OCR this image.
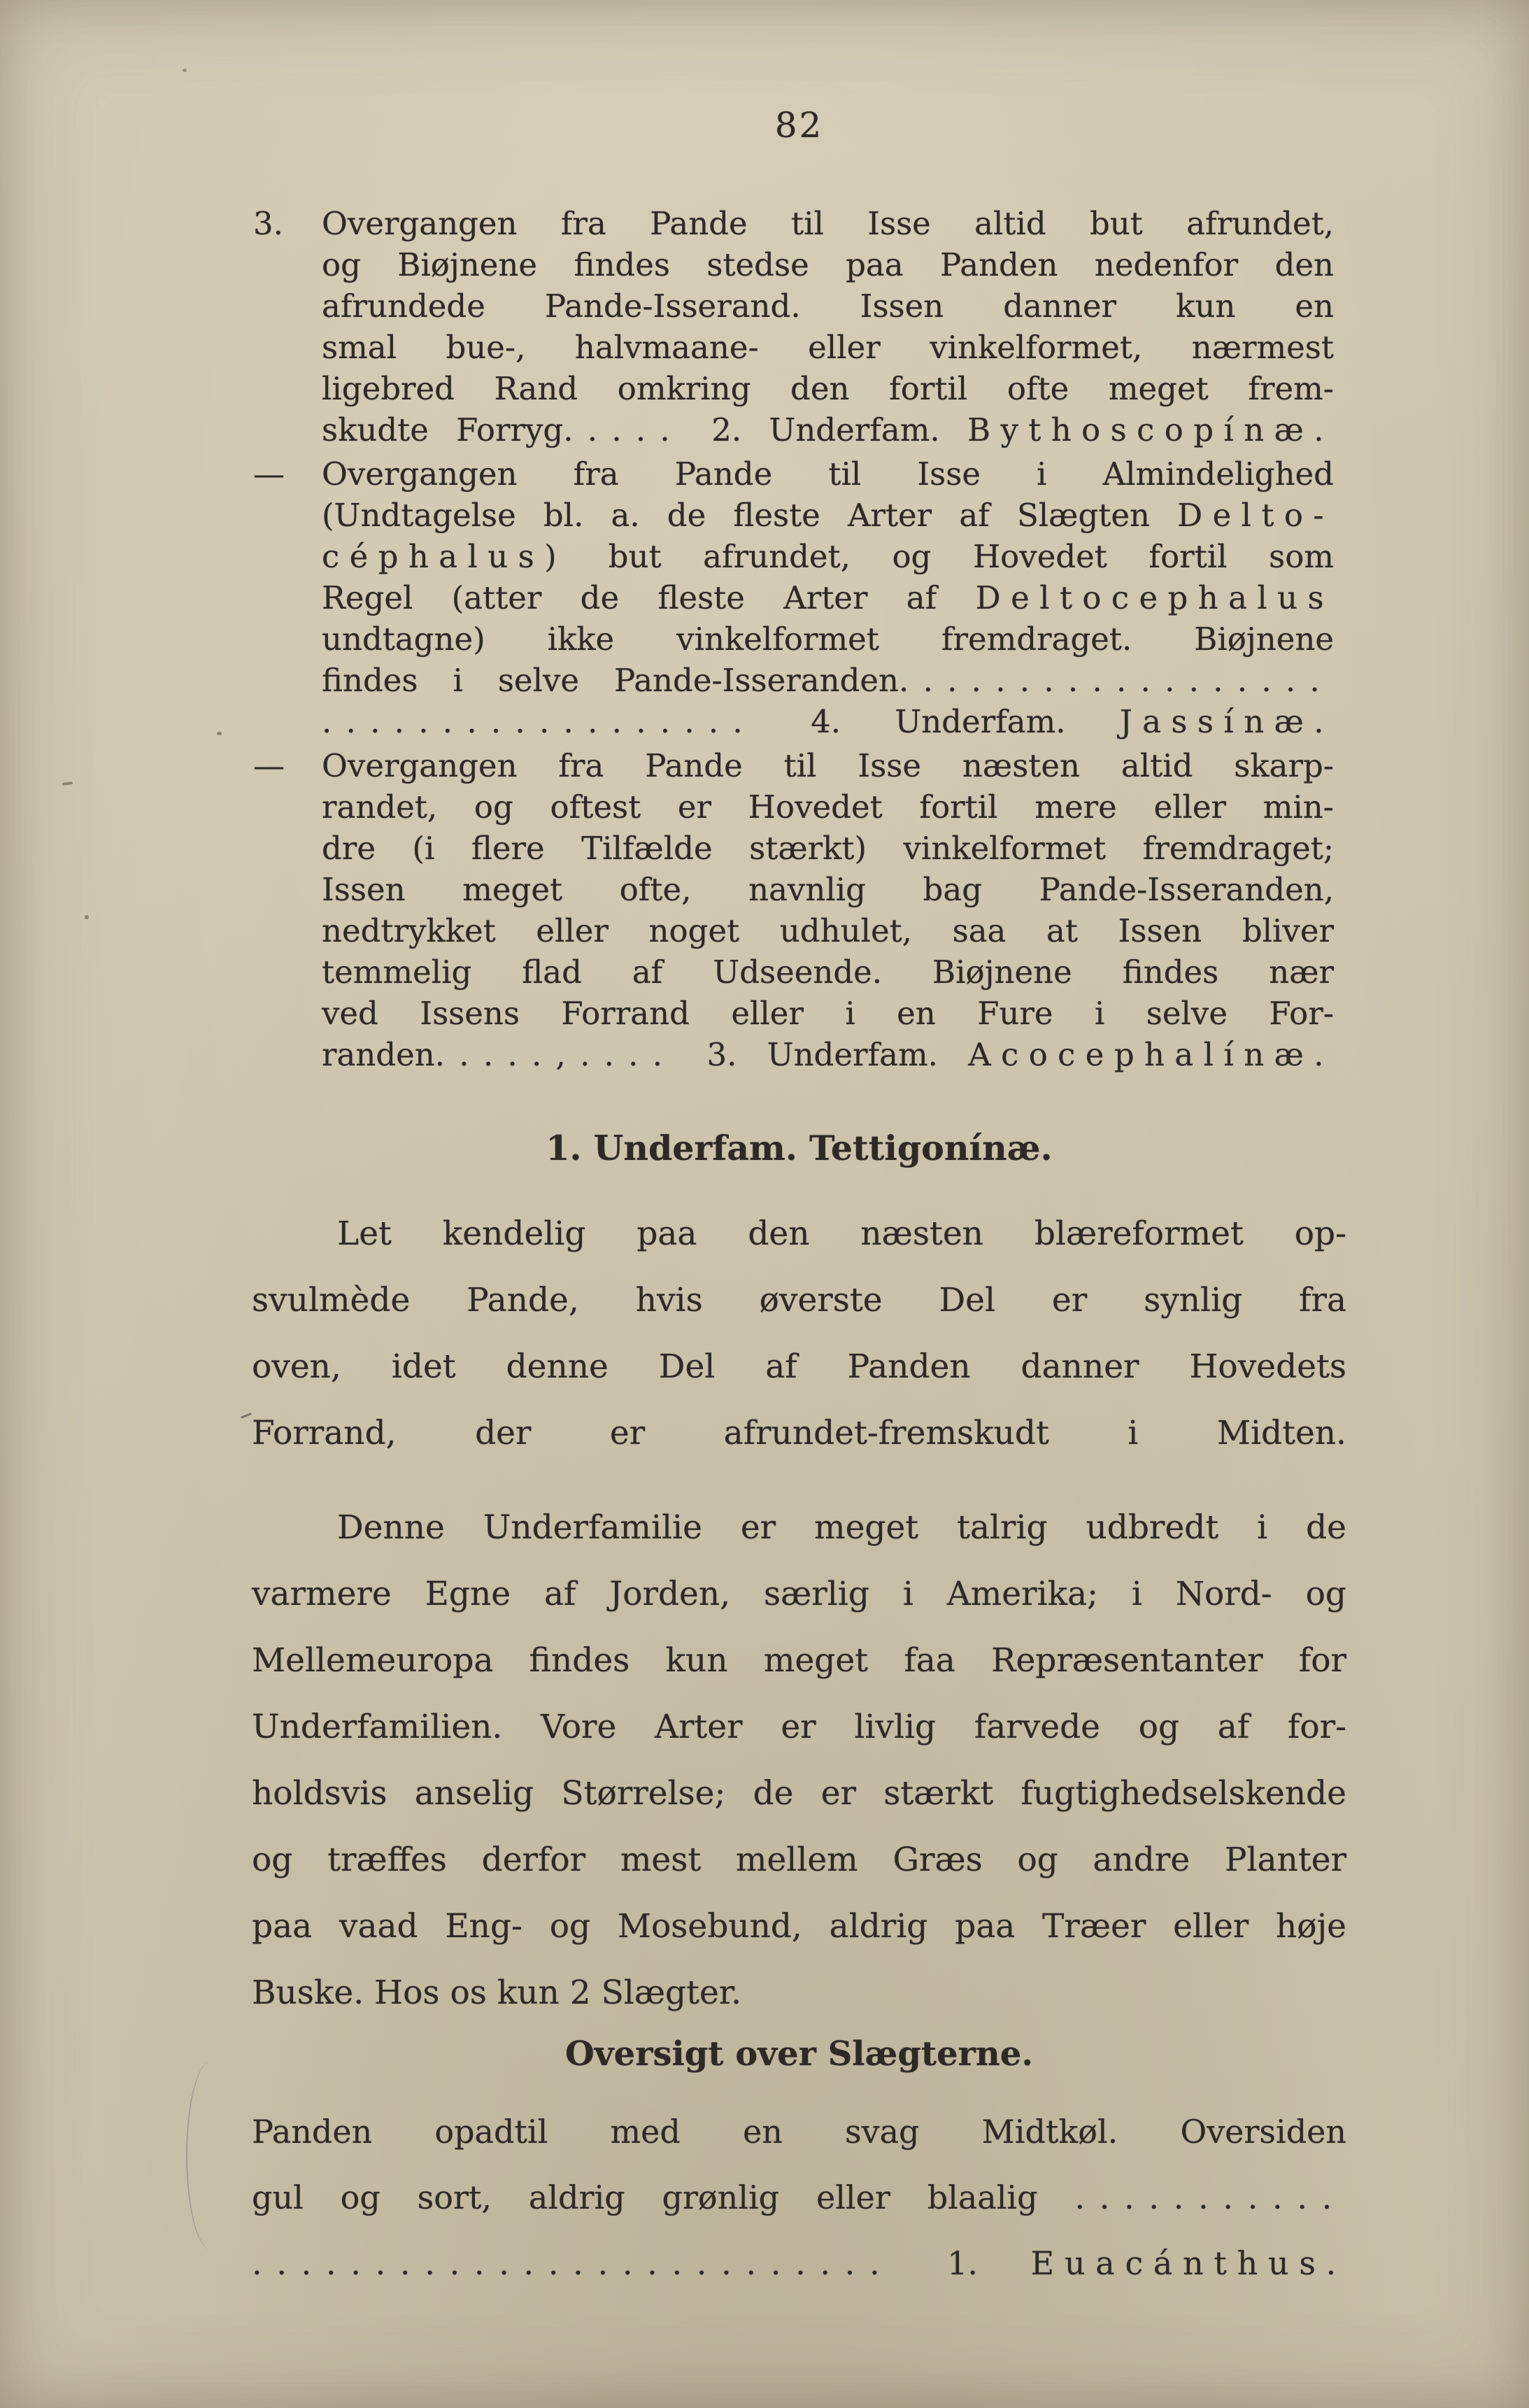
82
3.	Overgangen fra Pande til Isse altid but afrundet,
og Biøjnene findes stedse paa Panden nedenfor den
afrundede Pande-Isserand. Issen danner kun en
smal bue-, halvmaane- eller vinkelformet, nærmest
ligebred Rand omkring den fortil ofte meget frem-
skudte Forryg..... 2. Underfam. Bythoscopínæ.
—	Overgangen fra Pande til Isse i Almindelighed
(Undtagelse bl. a. de fleste Arter af Slægten Delto-
céphalus) but afrundet, og Hovedet fortil som
Regel (atter de fleste Arter af Deltocephalus
undtagne) ikke vinkelformet fremdraget. Biøjnene
findes i selve Pande-Isseranden..................
.................. 4. Underfam. Jassínæ.
—	Overgangen fra Pande til Isse næsten altid skarp-
randet, og oftest er Hovedet fortil mere eller min-
dre (i flere Tilfælde stærkt) vinkelformet fremdraget;
Issen meget ofte, navnlig bag Pande-Isseranden,
nedtrykket eller noget udhulet, saa at Issen bliver
temmelig flad af Udseende. Biøjnene findes nær
ved Issens Forrand eller i en Fure i selve For-
randen.....,.... 3. Underfam. Acocephalínæ.
1. Underfam. Tettigonínæ.
Let kendelig paa den næsten blæreformet op-
svulmède Pande, hvis øverste Del er synlig fra
oven, idet denne Del af Panden danner Hovedets
Forrand, der er afrundet-fremskudt i Midten.
Denne Underfamilie er meget talrig udbredt i de
varmere Egne af Jorden, særlig i Amerika; i Nord- og
Mellemeuropa findes kun meget faa Repræsentanter for
Underfamilien. Vore Arter er livlig farvede og af for-
holdsvis anselig Størrelse; de er stærkt fugtighedselskende
og træffes derfor mest mellem Græs og andre Planter
paa vaad Eng- og Mosebund, aldrig paa Træer eller høje
Buske. Hos os kun 2 Slægter.
Oversigt over Slægterne.
Panden opadtil med en svag Midtkøl. Oversiden
gul og sort, aldrig grønlig eller blaalig ...........
.......................... 1. Euacánthus.
